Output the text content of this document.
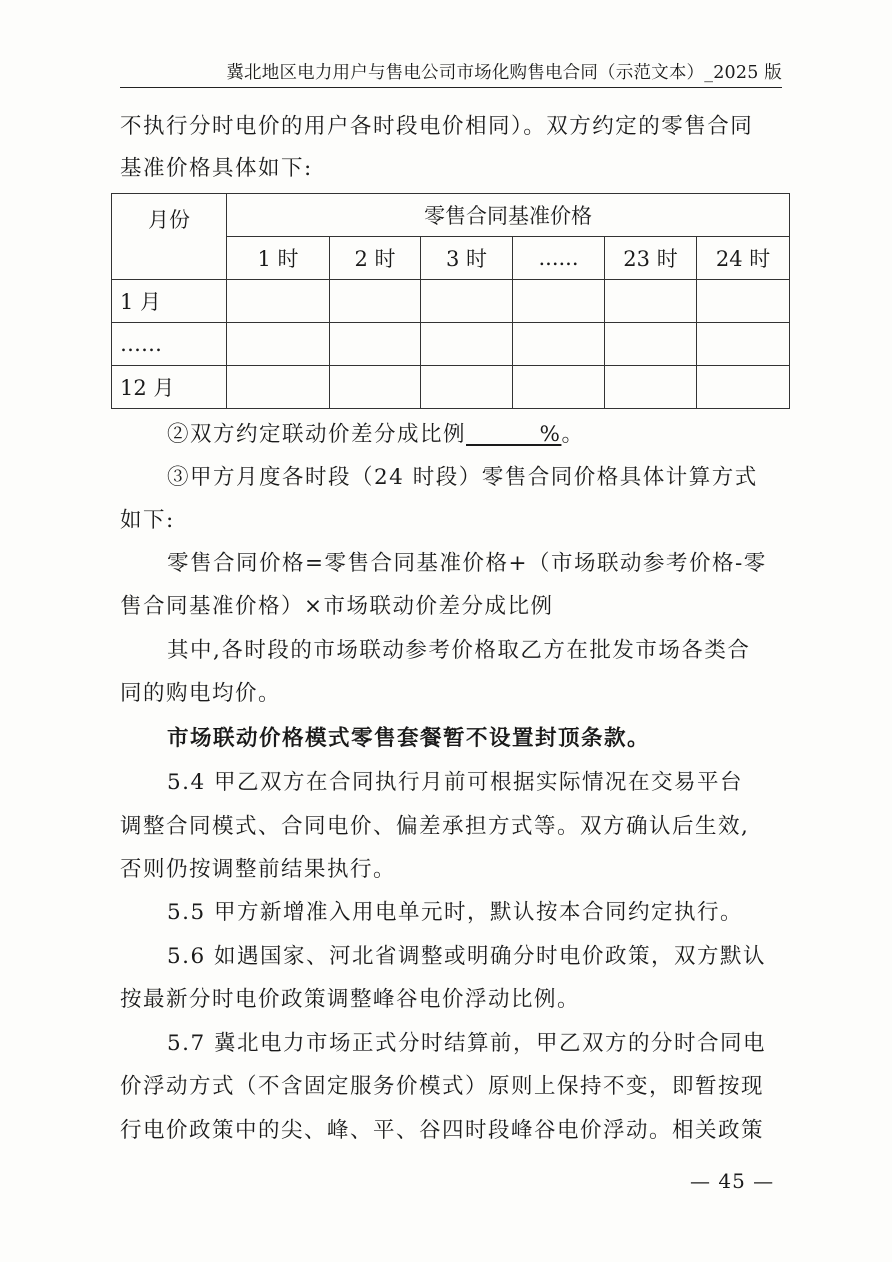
冀北地区电力用户与售电公司市场化购售电合同（示范文本）_2025 版
不执行分时电价的用户各时段电价相同）。双方约定的零售合同
基准价格具体如下:
月份	零售合同基准价格					
	1 时	2 时	3 时	......	23 时	24 时
1 月						
……						
12 月						
②双方约定联动价差分成比例______%。
③甲方月度各时段（24 时段）零售合同价格具体计算方式
如下:
零售合同价格=零售合同基准价格+（市场联动参考价格-零
售合同基准价格）×市场联动价差分成比例
其中,各时段的市场联动参考价格取乙方在批发市场各类合
同的购电均价。
市场联动价格模式零售套餐暂不设置封顶条款。
5.4 甲乙双方在合同执行月前可根据实际情况在交易平台
调整合同模式、合同电价、偏差承担方式等。双方确认后生效,
否则仍按调整前结果执行。
5.5 甲方新增准入用电单元时，默认按本合同约定执行。
5.6 如遇国家、河北省调整或明确分时电价政策，双方默认
按最新分时电价政策调整峰谷电价浮动比例。
5.7 冀北电力市场正式分时结算前，甲乙双方的分时合同电
价浮动方式（不含固定服务价模式）原则上保持不变，即暂按现
行电价政策中的尖、峰、平、谷四时段峰谷电价浮动。相关政策
— 45 —
